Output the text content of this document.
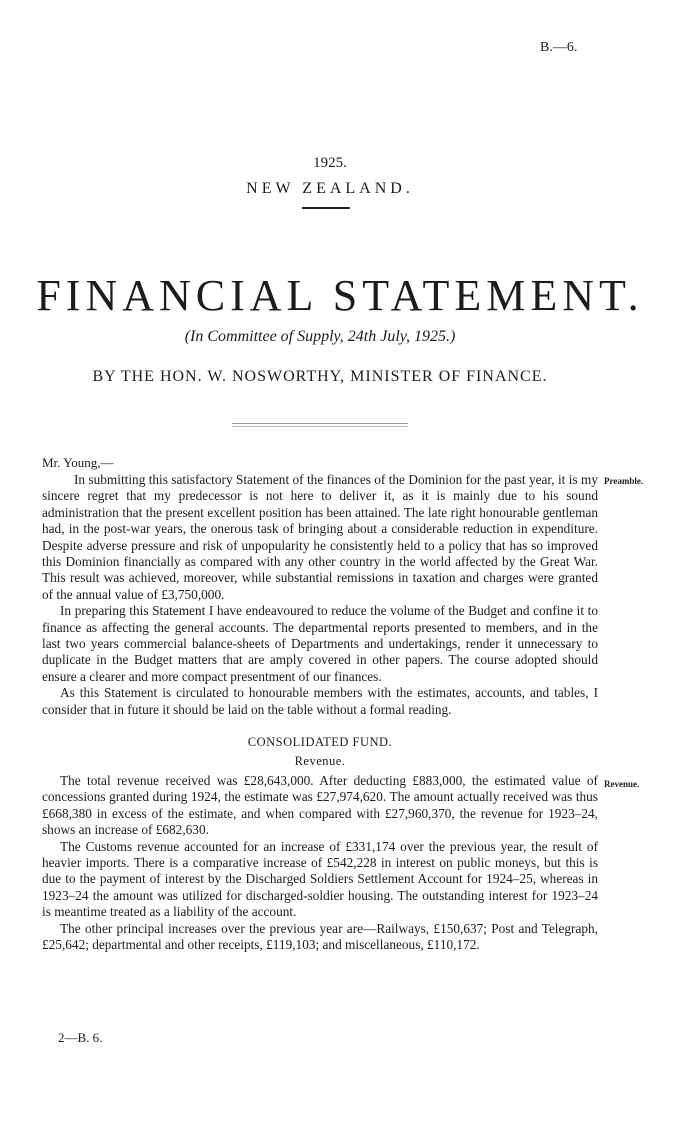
B.—6.
1925.
NEW ZEALAND.
FINANCIAL STATEMENT.
(In Committee of Supply, 24th July, 1925.)
BY THE HON. W. NOSWORTHY, MINISTER OF FINANCE.
Mr. Young,—
Preamble.

In submitting this satisfactory Statement of the finances of the Dominion for the past year, it is my sincere regret that my predecessor is not here to deliver it, as it is mainly due to his sound administration that the present excellent position has been attained. The late right honourable gentleman had, in the post-war years, the onerous task of bringing about a considerable reduction in expenditure. Despite adverse pressure and risk of unpopularity he consistently held to a policy that has so improved this Dominion financially as compared with any other country in the world affected by the Great War. This result was achieved, moreover, while substantial remissions in taxation and charges were granted of the annual value of £3,750,000.

In preparing this Statement I have endeavoured to reduce the volume of the Budget and confine it to finance as affecting the general accounts. The departmental reports presented to members, and in the last two years commercial balance-sheets of Departments and undertakings, render it unnecessary to duplicate in the Budget matters that are amply covered in other papers. The course adopted should ensure a clearer and more compact presentment of our finances.

As this Statement is circulated to honourable members with the estimates, accounts, and tables, I consider that in future it should be laid on the table without a formal reading.

CONSOLIDATED FUND.
Revenue.
Revenue.

The total revenue received was £28,643,000. After deducting £883,000, the estimated value of concessions granted during 1924, the estimate was £27,974,620. The amount actually received was thus £668,380 in excess of the estimate, and when compared with £27,960,370, the revenue for 1923–24, shows an increase of £682,630.

The Customs revenue accounted for an increase of £331,174 over the previous year, the result of heavier imports. There is a comparative increase of £542,228 in interest on public moneys, but this is due to the payment of interest by the Discharged Soldiers Settlement Account for 1924–25, whereas in 1923–24 the amount was utilized for discharged-soldier housing. The outstanding interest for 1923–24 is meantime treated as a liability of the account.

The other principal increases over the previous year are—Railways, £150,637; Post and Telegraph, £25,642; departmental and other receipts, £119,103; and miscellaneous, £110,172.

2—B. 6.
